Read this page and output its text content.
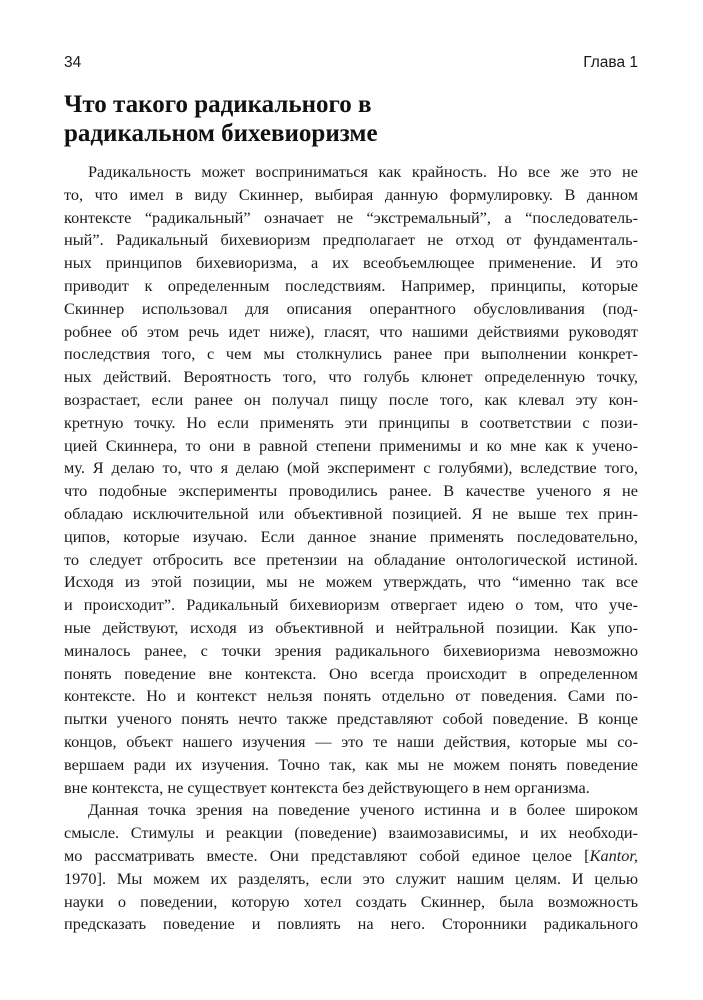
34	Глава 1
Что такого радикального в
радикальном бихевиоризме
Радикальность может восприниматься как крайность. Но все же это не
то, что имел в виду Скиннер, выбирая данную формулировку. В данном
контексте “радикальный” означает не “экстремальный”, а “последователь-
ный”. Радикальный бихевиоризм предполагает не отход от фундаменталь-
ных принципов бихевиоризма, а их всеобъемлющее применение. И это
приводит к определенным последствиям. Например, принципы, которые
Скиннер использовал для описания оперантного обусловливания (под-
робнее об этом речь идет ниже), гласят, что нашими действиями руководят
последствия того, с чем мы столкнулись ранее при выполнении конкрет-
ных действий. Вероятность того, что голубь клюнет определенную точку,
возрастает, если ранее он получал пищу после того, как клевал эту кон-
кретную точку. Но если применять эти принципы в соответствии с пози-
цией Скиннера, то они в равной степени применимы и ко мне как к учено-
му. Я делаю то, что я делаю (мой эксперимент с голубями), вследствие того,
что подобные эксперименты проводились ранее. В качестве ученого я не
обладаю исключительной или объективной позицией. Я не выше тех прин-
ципов, которые изучаю. Если данное знание применять последовательно,
то следует отбросить все претензии на обладание онтологической истиной.
Исходя из этой позиции, мы не можем утверждать, что “именно так все
и происходит”. Радикальный бихевиоризм отвергает идею о том, что уче-
ные действуют, исходя из объективной и нейтральной позиции. Как упо-
миналось ранее, с точки зрения радикального бихевиоризма невозможно
понять поведение вне контекста. Оно всегда происходит в определенном
контексте. Но и контекст нельзя понять отдельно от поведения. Сами по-
пытки ученого понять нечто также представляют собой поведение. В конце
концов, объект нашего изучения — это те наши действия, которые мы со-
вершаем ради их изучения. Точно так, как мы не можем понять поведение
вне контекста, не существует контекста без действующего в нем организма.
Данная точка зрения на поведение ученого истинна и в более широком
смысле. Стимулы и реакции (поведение) взаимозависимы, и их необходи-
мо рассматривать вместе. Они представляют собой единое целое [Kantor,
1970]. Мы можем их разделять, если это служит нашим целям. И целью
науки о поведении, которую хотел создать Скиннер, была возможность
предсказать поведение и повлиять на него. Сторонники радикального
